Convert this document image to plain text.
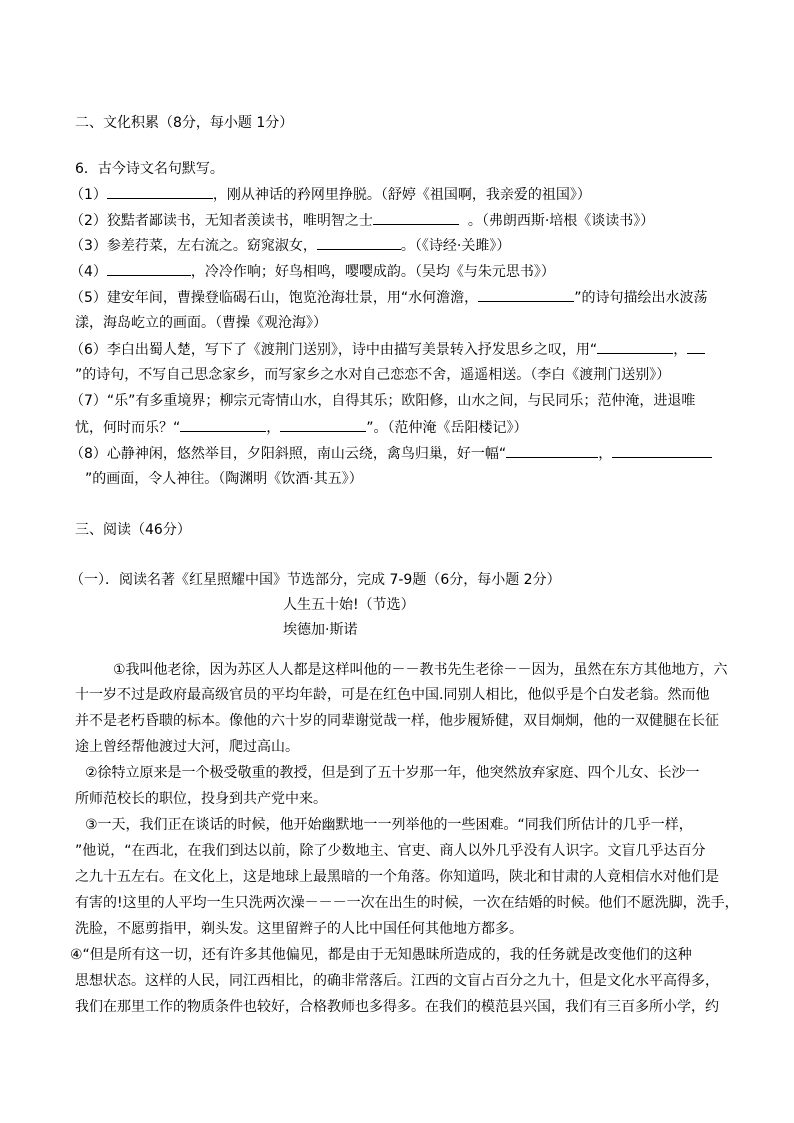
二、文化积累（8分，每小题 1分）
6．古今诗文名句默写。
（1）	，刚从神话的矜网里挣脱。（舒婷《祖国啊，我亲爱的祖国》）
（2）狡黠者鄙读书，无知者羡读书，唯明智之士	。（弗朗西斯·培根《谈读书》）
（3）参差荇菜，左右流之。窈窕淑女，	。（《诗经·关雎》）
（4）	，冷冷作响；好鸟相鸣，嘤嘤成韵。（吴均《与朱元思书》）
（5）建安年间，曹操登临碣石山，饱览沧海壮景，用“水何澹澹，	”的诗句描绘出水波荡
漾，海岛屹立的画面。（曹操《观沧海》）
（6）李白出蜀人楚，写下了《渡荆门送别》，诗中由描写美景转入抒发思乡之叹，用“	，
”的诗句，不写自己思念家乡，而写家乡之水对自己恋恋不舍，遥遥相送。（李白《渡荆门送别》）
（7）“乐”有多重境界；柳宗元寄情山水，自得其乐；欧阳修，山水之间，与民同乐；范仲淹，进退唯
忧，何时而乐？“	，	”。（范仲淹《岳阳楼记》）
（8）心静神闲，悠然举目，夕阳斜照，南山云绕，禽鸟归巢，好一幅“	，
”的画面，令人神往。（陶渊明《饮酒·其五》）
三、阅读（46分）
（一）．阅读名著《红星照耀中国》节选部分，完成 7-9题（6分，每小题 2分）
人生五十始!（节选）
埃德加·斯诺
①我叫他老徐，因为苏区人人都是这样叫他的－－教书先生老徐－－因为，虽然在东方其他地方，六
十一岁不过是政府最高级官员的平均年龄，可是在红色中国.同别人相比，他似乎是个白发老翁。然而他
并不是老朽昏聩的标本。像他的六十岁的同辈谢觉哉一样，他步履矫健，双目炯炯，他的一双健腿在长征
途上曾经帮他渡过大河，爬过高山。
②徐特立原来是一个极受敬重的教授，但是到了五十岁那一年，他突然放弃家庭、四个儿女、长沙一
所师范校长的职位，投身到共产党中来。
③一天，我们正在谈话的时候，他开始幽默地一一列举他的一些困难。“同我们所估计的几乎一样，
”他说，“在西北，在我们到达以前，除了少数地主、官吏、商人以外几乎没有人识字。文盲几乎达百分
之九十五左右。在文化上，这是地球上最黑暗的一个角落。你知道吗，陕北和甘肃的人竟相信水对他们是
有害的!这里的人平均一生只洗两次澡－－－一次在出生的时候，一次在结婚的时候。他们不愿洗脚，洗手，
洗脸，不愿剪指甲，剃头发。这里留辫子的人比中国任何其他地方都多。
④“但是所有这一切，还有许多其他偏见，都是由于无知愚昧所造成的，我的任务就是改变他们的这种
思想状态。这样的人民，同江西相比，的确非常落后。江西的文盲占百分之九十，但是文化水平高得多，
我们在那里工作的物质条件也较好，合格教师也多得多。在我们的模范县兴国，我们有三百多所小学，约
